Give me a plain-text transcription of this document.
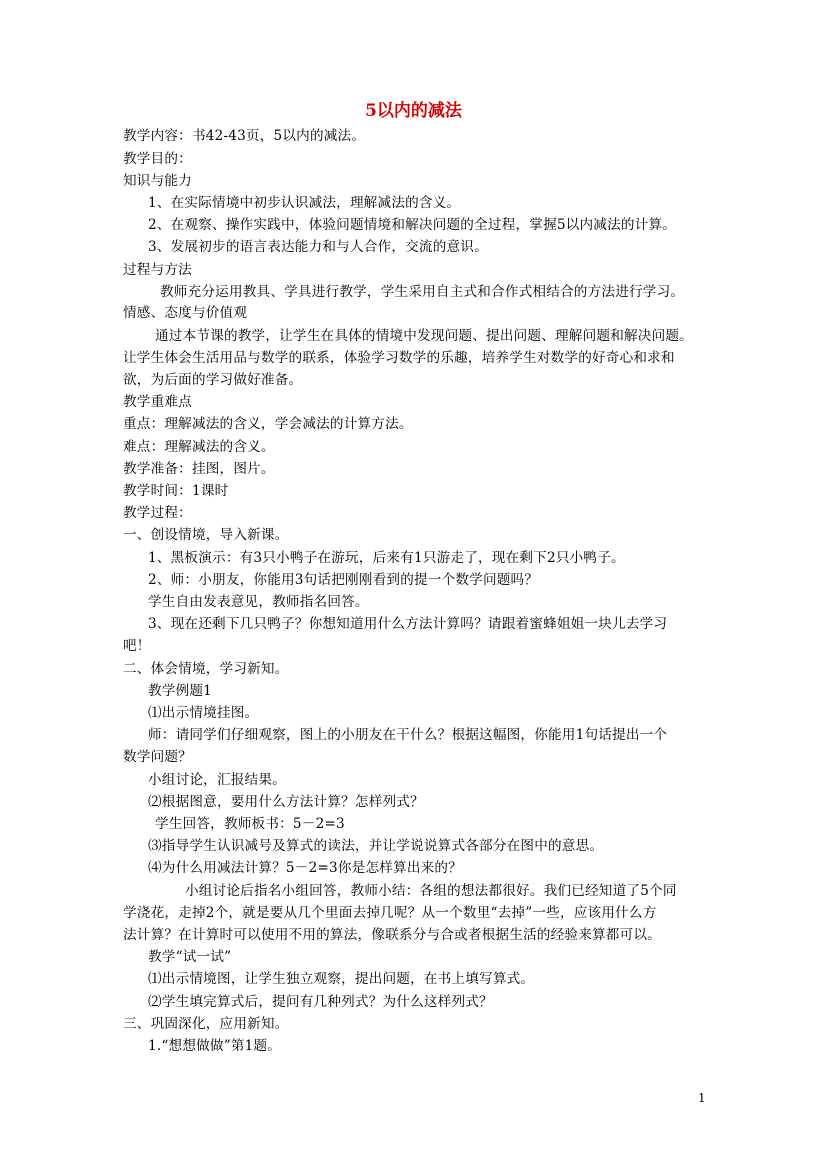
5以内的减法
教学内容：书42-43页，5以内的减法。
教学目的：
知识与能力
1、在实际情境中初步认识减法，理解减法的含义。
2、在观察、操作实践中，体验问题情境和解决问题的全过程，掌握5以内减法的计算。
3、发展初步的语言表达能力和与人合作，交流的意识。
过程与方法
教师充分运用教具、学具进行教学，学生采用自主式和合作式相结合的方法进行学习。
情感、态度与价值观
通过本节课的教学，让学生在具体的情境中发现问题、提出问题、理解问题和解决问题。
让学生体会生活用品与数学的联系，体验学习数学的乐趣，培养学生对数学的好奇心和求和
欲，为后面的学习做好准备。
教学重难点
重点：理解减法的含义，学会减法的计算方法。
难点：理解减法的含义。
教学准备：挂图，图片。
教学时间：1课时
教学过程：
一、创设情境，导入新课。
1、黑板演示：有3只小鸭子在游玩，后来有1只游走了，现在剩下2只小鸭子。
2、师：小朋友，你能用3句话把刚刚看到的提一个数学问题吗？
学生自由发表意见，教师指名回答。
3、现在还剩下几只鸭子？你想知道用什么方法计算吗？请跟着蜜蜂姐姐一块儿去学习
吧！
二、体会情境，学习新知。
教学例题1
⑴出示情境挂图。
师：请同学们仔细观察，图上的小朋友在干什么？根据这幅图，你能用1句话提出一个
数学问题？
小组讨论，汇报结果。
⑵根据图意，要用什么方法计算？怎样列式？
学生回答，教师板书：5－2=3
⑶指导学生认识减号及算式的读法，并让学说说算式各部分在图中的意思。
⑷为什么用减法计算？5－2=3你是怎样算出来的？
小组讨论后指名小组回答，教师小结：各组的想法都很好。我们已经知道了5个同
学浇花，走掉2个，就是要从几个里面去掉几呢？从一个数里“去掉”一些，应该用什么方
法计算？在计算时可以使用不用的算法，像联系分与合或者根据生活的经验来算都可以。
教学“试一试”
⑴出示情境图，让学生独立观察，提出问题，在书上填写算式。
⑵学生填完算式后，提问有几种列式？为什么这样列式？
三、巩固深化，应用新知。
1.“想想做做”第1题。
1
